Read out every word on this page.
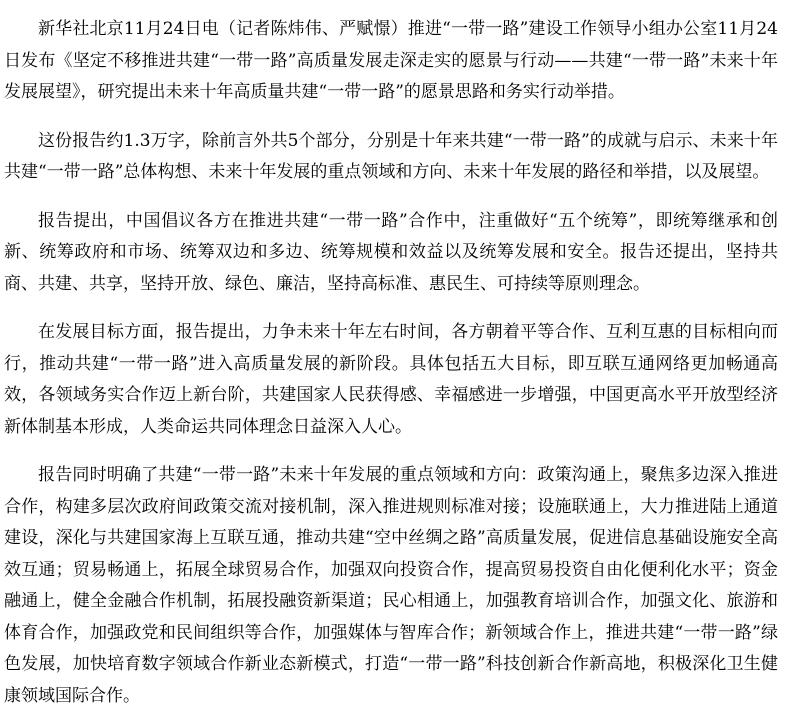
新华社北京11月24日电（记者陈炜伟、严赋憬）推进“一带一路”建设工作领导小组办公室11月24日发布《坚定不移推进共建“一带一路”高质量发展走深走实的愿景与行动——共建“一带一路”未来十年发展展望》，研究提出未来十年高质量共建“一带一路”的愿景思路和务实行动举措。

这份报告约1.3万字，除前言外共5个部分，分别是十年来共建“一带一路”的成就与启示、未来十年共建“一带一路”总体构想、未来十年发展的重点领域和方向、未来十年发展的路径和举措，以及展望。

报告提出，中国倡议各方在推进共建“一带一路”合作中，注重做好“五个统筹”，即统筹继承和创新、统筹政府和市场、统筹双边和多边、统筹规模和效益以及统筹发展和安全。报告还提出，坚持共商、共建、共享，坚持开放、绿色、廉洁，坚持高标准、惠民生、可持续等原则理念。

在发展目标方面，报告提出，力争未来十年左右时间，各方朝着平等合作、互利互惠的目标相向而行，推动共建“一带一路”进入高质量发展的新阶段。具体包括五大目标，即互联互通网络更加畅通高效，各领域务实合作迈上新台阶，共建国家人民获得感、幸福感进一步增强，中国更高水平开放型经济新体制基本形成，人类命运共同体理念日益深入人心。

报告同时明确了共建“一带一路”未来十年发展的重点领域和方向：政策沟通上，聚焦多边深入推进合作，构建多层次政府间政策交流对接机制，深入推进规则标准对接；设施联通上，大力推进陆上通道建设，深化与共建国家海上互联互通，推动共建“空中丝绸之路”高质量发展，促进信息基础设施安全高效互通；贸易畅通上，拓展全球贸易合作，加强双向投资合作，提高贸易投资自由化便利化水平；资金融通上，健全金融合作机制，拓展投融资新渠道；民心相通上，加强教育培训合作，加强文化、旅游和体育合作，加强政党和民间组织等合作，加强媒体与智库合作；新领域合作上，推进共建“一带一路”绿色发展，加快培育数字领域合作新业态新模式，打造“一带一路”科技创新合作新高地，积极深化卫生健康领域国际合作。
